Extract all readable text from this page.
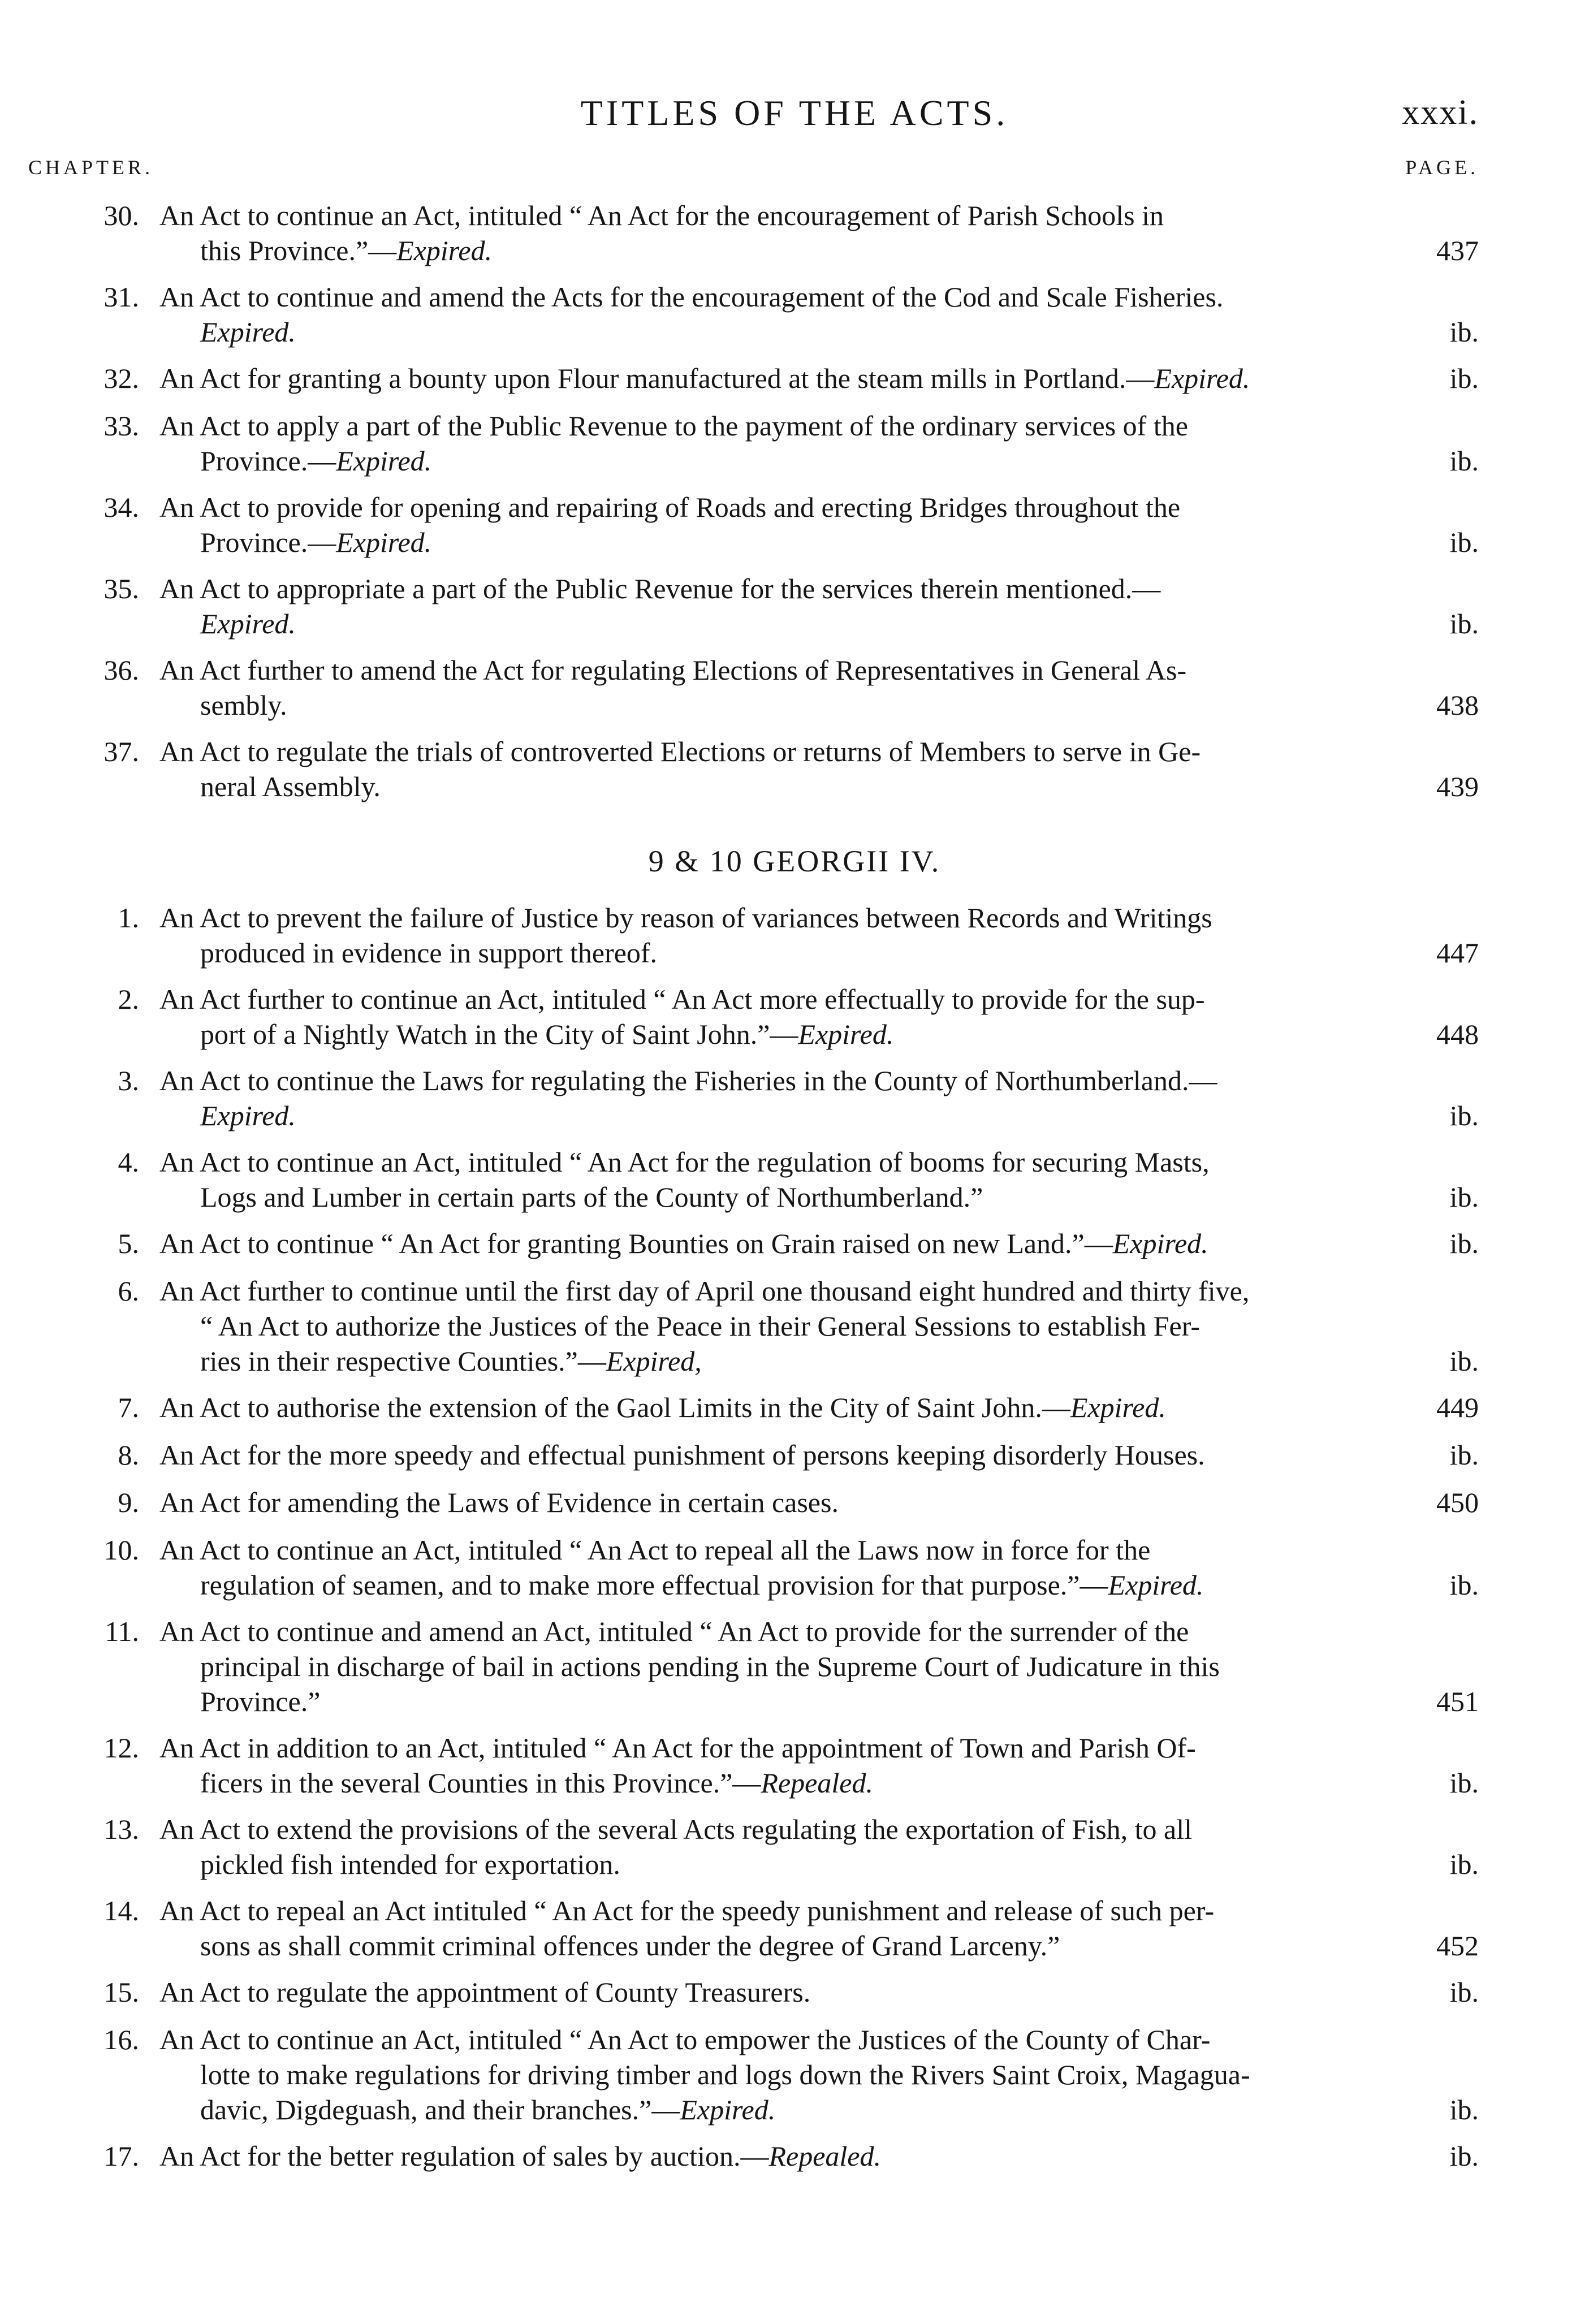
TITLES OF THE ACTS.	xxxi.
CHAPTER.	PAGE.
9 & 10 GEORGII IV.
30. An Act to continue an Act, intituled “ An Act for the encouragement of Parish Schools in
this Province.”—Expired.	437
31. An Act to continue and amend the Acts for the encouragement of the Cod and Scale Fisheries.
Expired.	ib.
32. An Act for granting a bounty upon Flour manufactured at the steam mills in Portland.—Expired.	ib.
33. An Act to apply a part of the Public Revenue to the payment of the ordinary services of the
Province.—Expired.	ib.
34. An Act to provide for opening and repairing of Roads and erecting Bridges throughout the
Province.—Expired.	ib.
35. An Act to appropriate a part of the Public Revenue for the services therein mentioned.—
Expired.	ib.
36. An Act further to amend the Act for regulating Elections of Representatives in General As-
sembly.	438
37. An Act to regulate the trials of controverted Elections or returns of Members to serve in Ge-
neral Assembly.	439
1. An Act to prevent the failure of Justice by reason of variances between Records and Writings
produced in evidence in support thereof.	447
2. An Act further to continue an Act, intituled “ An Act more effectually to provide for the sup-
port of a Nightly Watch in the City of Saint John.”—Expired.	448
3. An Act to continue the Laws for regulating the Fisheries in the County of Northumberland.—
Expired.	ib.
4. An Act to continue an Act, intituled “ An Act for the regulation of booms for securing Masts,
Logs and Lumber in certain parts of the County of Northumberland.”	ib.
5. An Act to continue “ An Act for granting Bounties on Grain raised on new Land.”—Expired.	ib.
6. An Act further to continue until the first day of April one thousand eight hundred and thirty five,
“ An Act to authorize the Justices of the Peace in their General Sessions to establish Fer-
ries in their respective Counties.”—Expired,	ib.
7. An Act to authorise the extension of the Gaol Limits in the City of Saint John.—Expired.	449
8. An Act for the more speedy and effectual punishment of persons keeping disorderly Houses.	ib.
9. An Act for amending the Laws of Evidence in certain cases.	450
10. An Act to continue an Act, intituled “ An Act to repeal all the Laws now in force for the
regulation of seamen, and to make more effectual provision for that purpose.”—Expired.	ib.
11. An Act to continue and amend an Act, intituled “ An Act to provide for the surrender of the
principal in discharge of bail in actions pending in the Supreme Court of Judicature in this
Province.”	451
12. An Act in addition to an Act, intituled “ An Act for the appointment of Town and Parish Of-
ficers in the several Counties in this Province.”—Repealed.	ib.
13. An Act to extend the provisions of the several Acts regulating the exportation of Fish, to all
pickled fish intended for exportation.	ib.
14. An Act to repeal an Act intituled “ An Act for the speedy punishment and release of such per-
sons as shall commit criminal offences under the degree of Grand Larceny.”	452
15. An Act to regulate the appointment of County Treasurers.	ib.
16. An Act to continue an Act, intituled “ An Act to empower the Justices of the County of Char-
lotte to make regulations for driving timber and logs down the Rivers Saint Croix, Magagua-
davic, Digdeguash, and their branches.”—Expired.	ib.
17. An Act for the better regulation of sales by auction.—Repealed.	ib.
